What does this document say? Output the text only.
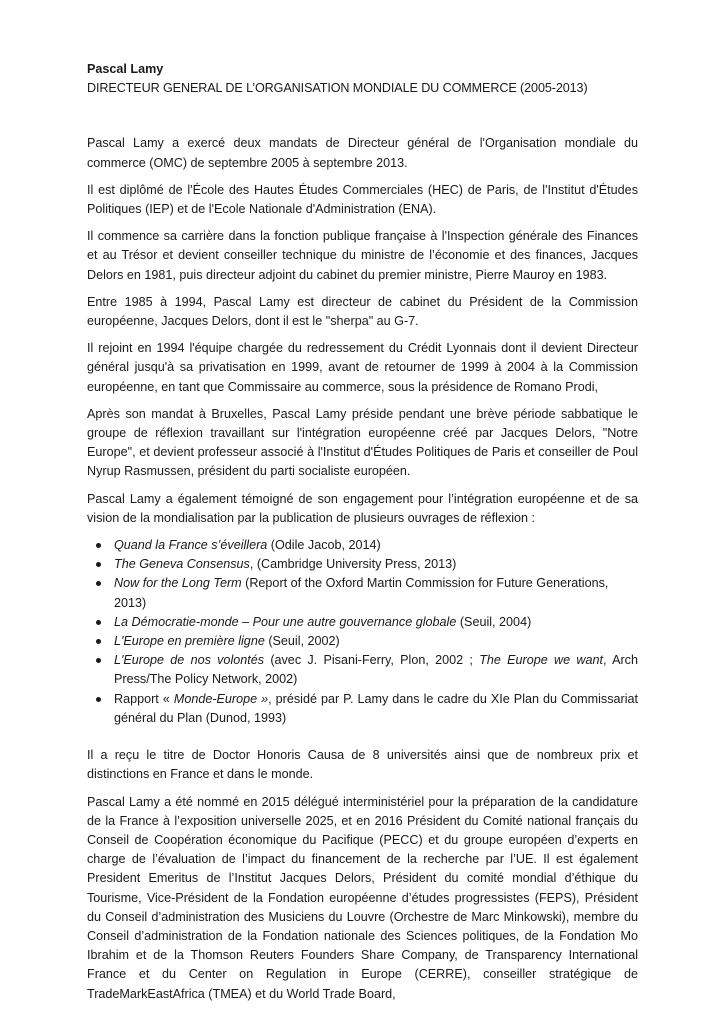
Pascal Lamy

DIRECTEUR GENERAL DE L’ORGANISATION MONDIALE DU COMMERCE (2005-2013)

Pascal Lamy a exercé deux mandats de Directeur général de l'Organisation mondiale du commerce (OMC) de septembre 2005 à septembre 2013.

Il est diplômé de l'École des Hautes Études Commerciales (HEC) de Paris, de l'Institut d'Études Politiques (IEP) et de l'Ecole Nationale d'Administration (ENA).

Il commence sa carrière dans la fonction publique française à l'Inspection générale des Finances et au Trésor et devient conseiller technique du ministre de l’économie et des finances, Jacques Delors en 1981, puis directeur adjoint du cabinet du premier ministre, Pierre Mauroy en 1983.

Entre 1985 à 1994, Pascal Lamy est directeur de cabinet du Président de la Commission européenne, Jacques Delors, dont il est le "sherpa" au G-7.

Il rejoint en 1994 l'équipe chargée du redressement du Crédit Lyonnais dont il devient Directeur général jusqu'à sa privatisation en 1999, avant de retourner de 1999 à 2004 à la Commission européenne, en tant que Commissaire au commerce, sous la présidence de Romano Prodi,

Après son mandat à Bruxelles, Pascal Lamy préside pendant une brève période sabbatique le groupe de réflexion travaillant sur l'intégration européenne créé par Jacques Delors, "Notre Europe", et devient professeur associé à l'Institut d'Études Politiques de Paris et conseiller de Poul Nyrup Rasmussen, président du parti socialiste européen.

Pascal Lamy a également témoigné de son engagement pour l’intégration européenne et de sa vision de la mondialisation par la publication de plusieurs ouvrages de réflexion :

Quand la France s’éveillera (Odile Jacob, 2014)
The Geneva Consensus, (Cambridge University Press, 2013)
Now for the Long Term (Report of the Oxford Martin Commission for Future Generations, 2013)
La Démocratie-monde – Pour une autre gouvernance globale (Seuil, 2004)
L'Europe en première ligne (Seuil, 2002)
L'Europe de nos volontés (avec J. Pisani-Ferry, Plon, 2002 ; The Europe we want, Arch Press/The Policy Network, 2002)
Rapport « Monde-Europe », présidé par P. Lamy dans le cadre du XIe Plan du Commissariat général du Plan (Dunod, 1993)

Il a reçu le titre de Doctor Honoris Causa de 8 universités ainsi que de nombreux prix et distinctions en France et dans le monde.

Pascal Lamy a été nommé en 2015 délégué interministériel pour la préparation de la candidature de la France à l’exposition universelle 2025, et en 2016 Président du Comité national français du Conseil de Coopération économique du Pacifique (PECC) et du groupe européen d’experts en charge de l’évaluation de l’impact du financement de la recherche par l’UE. Il est également President Emeritus de l’Institut Jacques Delors, Président du comité mondial d’éthique du Tourisme, Vice-Président de la Fondation européenne d’études progressistes (FEPS), Président du Conseil d’administration des Musiciens du Louvre (Orchestre de Marc Minkowski), membre du Conseil d’administration de la Fondation nationale des Sciences politiques, de la Fondation Mo Ibrahim et de la Thomson Reuters Founders Share Company, de Transparency International France et du Center on Regulation in Europe (CERRE), conseiller stratégique de TradeMarkEastAfrica (TMEA) et du World Trade Board,
